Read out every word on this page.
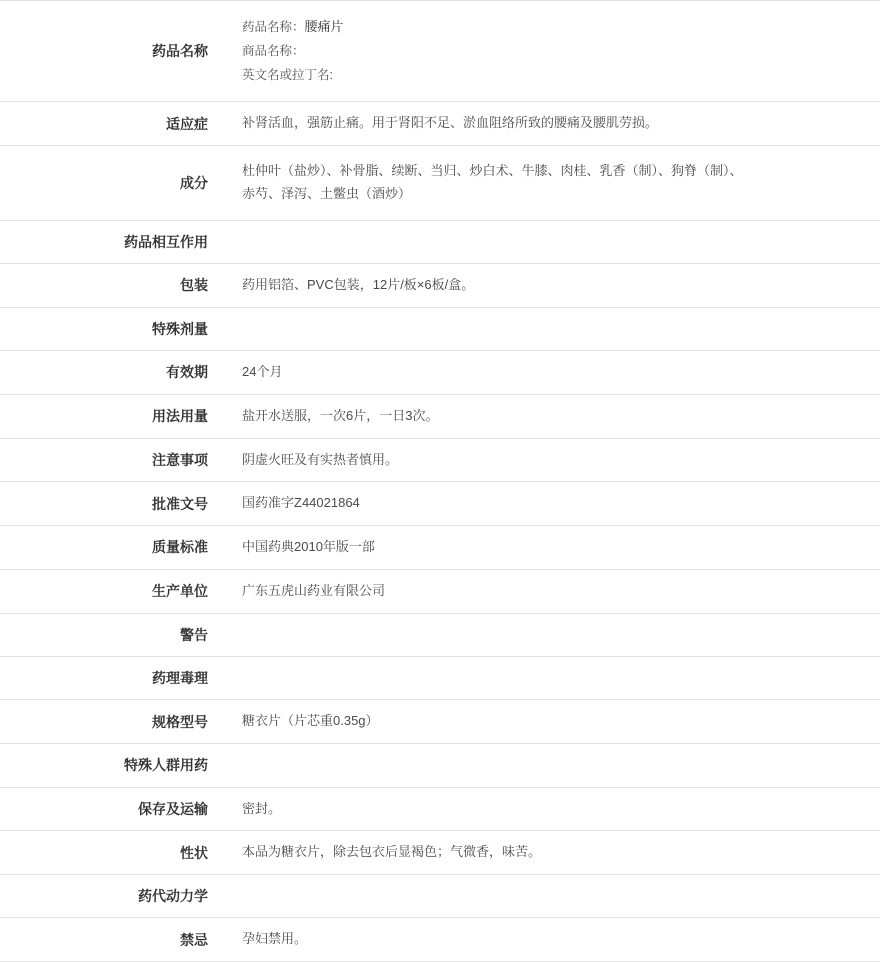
药品名称	药品名称：腰痛片
商品名称：
英文名或拉丁名:

适应症	补肾活血，强筋止痛。用于肾阳不足、淤血阻络所致的腰痛及腰肌劳损。
成分	杜仲叶（盐炒）、补骨脂、续断、当归、炒白术、牛膝、肉桂、乳香（制）、狗脊（制）、
赤芍、泽泻、土鳖虫（酒炒）

药品相互作用	

包装	药用铝箔、PVC包装，12片/板×6板/盒。
特殊剂量	

有效期	24个月
用法用量	盐开水送服，一次6片，一日3次。
注意事项	阴虚火旺及有实热者慎用。
批准文号	国药准字Z44021864
质量标准	中国药典2010年版一部
生产单位	广东五虎山药业有限公司
警告	

药理毒理	

规格型号	糖衣片（片芯重0.35g）
特殊人群用药	

保存及运输	密封。
性状	本品为糖衣片，除去包衣后显褐色；气微香，味苦。
药代动力学	

禁忌	孕妇禁用。
